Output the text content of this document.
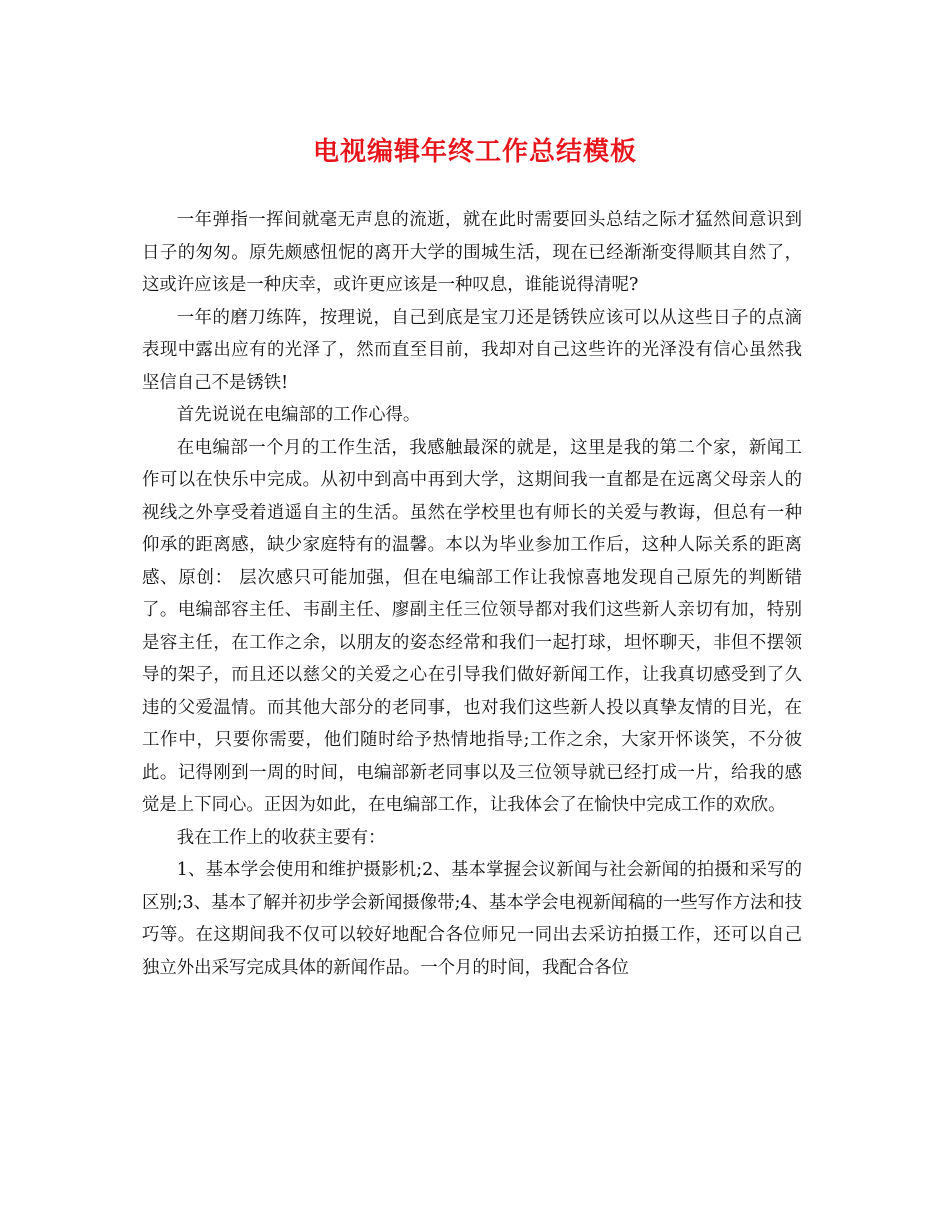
电视编辑年终工作总结模板

一年弹指一挥间就毫无声息的流逝，就在此时需要回头总结之际才猛然间意识到日子的匆匆。原先颇感忸怩的离开大学的围城生活，现在已经渐渐变得顺其自然了，这或许应该是一种庆幸，或许更应该是一种叹息，谁能说得清呢?

一年的磨刀练阵，按理说，自己到底是宝刀还是锈铁应该可以从这些日子的点滴表现中露出应有的光泽了，然而直至目前，我却对自己这些许的光泽没有信心虽然我坚信自己不是锈铁!

首先说说在电编部的工作心得。

在电编部一个月的工作生活，我感触最深的就是，这里是我的第二个家，新闻工作可以在快乐中完成。从初中到高中再到大学，这期间我一直都是在远离父母亲人的视线之外享受着逍遥自主的生活。虽然在学校里也有师长的关爱与教诲，但总有一种仰承的距离感，缺少家庭特有的温馨。本以为毕业参加工作后，这种人际关系的距离感、原创： 层次感只可能加强，但在电编部工作让我惊喜地发现自己原先的判断错了。电编部容主任、韦副主任、廖副主任三位领导都对我们这些新人亲切有加，特别是容主任，在工作之余，以朋友的姿态经常和我们一起打球，坦怀聊天，非但不摆领导的架子，而且还以慈父的关爱之心在引导我们做好新闻工作，让我真切感受到了久违的父爱温情。而其他大部分的老同事，也对我们这些新人投以真挚友情的目光，在工作中，只要你需要，他们随时给予热情地指导;工作之余，大家开怀谈笑，不分彼此。记得刚到一周的时间，电编部新老同事以及三位领导就已经打成一片，给我的感觉是上下同心。正因为如此，在电编部工作，让我体会了在愉快中完成工作的欢欣。

我在工作上的收获主要有：

1、基本学会使用和维护摄影机;2、基本掌握会议新闻与社会新闻的拍摄和采写的区别;3、基本了解并初步学会新闻摄像带;4、基本学会电视新闻稿的一些写作方法和技巧等。在这期间我不仅可以较好地配合各位师兄一同出去采访拍摄工作，还可以自己独立外出采写完成具体的新闻作品。一个月的时间，我配合各位
